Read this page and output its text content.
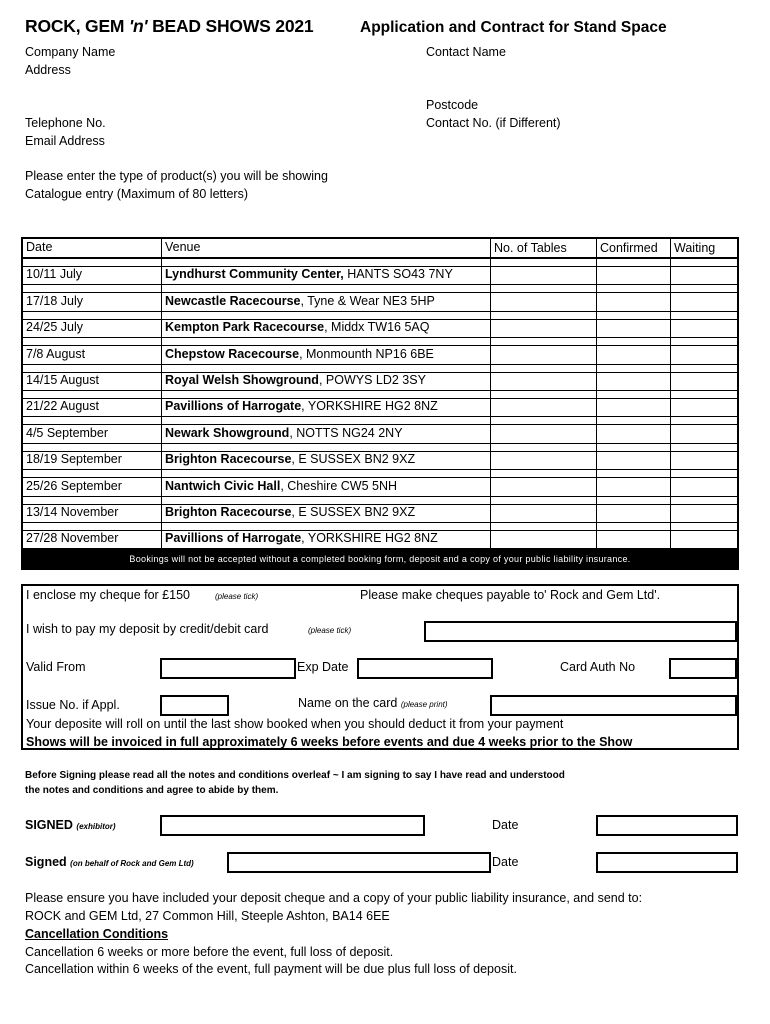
ROCK, GEM 'n' BEAD SHOWS 2021	Application and Contract for Stand Space
Company Name
Address
Contact Name
Postcode
Telephone No.	Contact No. (if Different)
Email Address
Please enter the type of product(s) you will be showing
Catalogue entry (Maximum of 80 letters)
Date	Venue	No. of Tables	Confirmed	Waiting
10/11 July	Lyndhurst Community Center, HANTS SO43 7NY
17/18 July	Newcastle Racecourse , Tyne & Wear NE3 5HP
24/25 July	Kempton Park Racecourse , Middx TW16 5AQ
7/8 August	Chepstow Racecourse , Monmounth NP16 6BE
14/15 August	Royal Welsh Showground , POWYS LD2 3SY
21/22 August	Pavillions of Harrogate , YORKSHIRE HG2 8NZ
4/5 September	Newark Showground , NOTTS NG24 2NY
18/19 September	Brighton Racecourse , E SUSSEX BN2 9XZ
25/26 September	Nantwich Civic Hall , Cheshire CW5 5NH
13/14 November	Brighton Racecourse , E SUSSEX BN2 9XZ
27/28 November	Pavillions of Harrogate , YORKSHIRE HG2 8NZ
Bookings will not be accepted without a completed booking form, deposit and a copy of your public liability insurance.
I enclose my cheque for £150	(please tick)	Please make cheques payable to' Rock and Gem Ltd'.
I wish to pay my deposit by credit/debit card	(please tick)
Valid From	Exp Date	Card Auth No
Issue No. if Appl.	Name on the card (please print)
Your deposite will roll on until the last show booked when you should deduct it from your payment
Shows will be invoiced in full approximately 6 weeks before events and due 4 weeks prior to the Show
Before Signing please read all the notes and conditions overleaf ~ I am signing to say I have read and understood
the notes and conditions and agree to abide by them.
SIGNED (exhibitor)	Date
Signed (on behalf of Rock and Gem Ltd)	Date
Please ensure you have included your deposit cheque and a copy of your public liability insurance, and send to:
ROCK and GEM Ltd, 27 Common Hill, Steeple Ashton, BA14 6EE
Cancellation Conditions
Cancellation 6 weeks or more before the event, full loss of deposit.
Cancellation within 6 weeks of the event, full payment will be due plus full loss of deposit.
